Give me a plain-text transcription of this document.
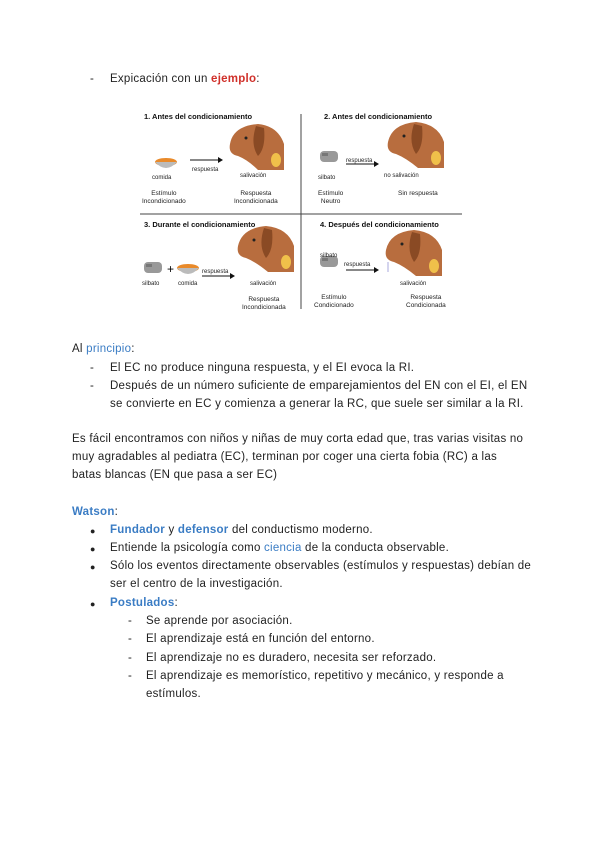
- Expicación con un ejemplo:
+
1. Antes del condicionamiento
comida
respuesta
salivación
Estímulo
Incondicionado
Respuesta
Incondicionada
2. Antes del condicionamiento
silbato
respuesta
no salivación
Estímulo
Neutro
Sin respuesta
3. Durante el condicionamiento
silbato	comida
respuesta
salivación
Respuesta
Incondicionada
4. Después del condicionamiento
silbato
respuesta
salivación
Estímulo
Condicionado
Respuesta
Condicionada
Al principio:
- El EC no produce ninguna respuesta, y el EI evoca la RI.
- Después de un número suficiente de emparejamientos del EN con el EI, el EN
se convierte en EC y comienza a generar la RC, que suele ser similar a la RI.
Es fácil encontramos con niños y niñas de muy corta edad que, tras varias visitas no
muy agradables al pediatra (EC), terminan por coger una cierta fobia (RC) a las
batas blancas (EN que pasa a ser EC)
Watson:
● Fundador y defensor del conductismo moderno.
● Entiende la psicología como ciencia de la conducta observable.
● Sólo los eventos directamente observables (estímulos y respuestas) debían de
ser el centro de la investigación.
● Postulados:
- Se aprende por asociación.
- El aprendizaje está en función del entorno.
- El aprendizaje no es duradero, necesita ser reforzado.
- El aprendizaje es memorístico, repetitivo y mecánico, y responde a
estímulos.
